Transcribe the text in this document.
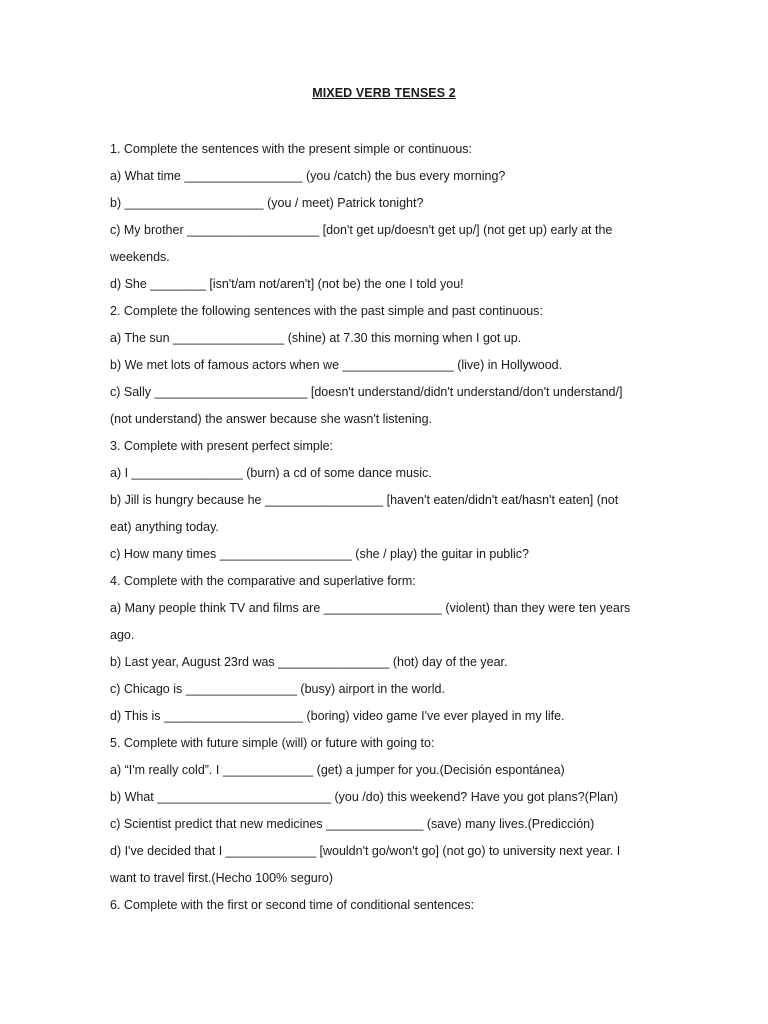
MIXED VERB TENSES 2

1. Complete the sentences with the present simple or continuous:

a) What time _________________ (you /catch) the bus every morning?

b) ____________________ (you / meet) Patrick tonight?

c) My brother ___________________ [don't get up/doesn't get up/] (not get up) early at the

weekends.

d) She ________ [isn't/am not/aren't] (not be) the one I told you!

2. Complete the following sentences with the past simple and past continuous:

a) The sun ________________ (shine) at 7.30 this morning when I got up.

b) We met lots of famous actors when we ________________ (live) in Hollywood.

c) Sally ______________________ [doesn't understand/didn't understand/don't understand/]

(not understand) the answer because she wasn't listening.

3. Complete with present perfect simple:

a) I ________________ (burn) a cd of some dance music.

b) Jill is hungry because he _________________ [haven't eaten/didn't eat/hasn't eaten] (not

eat) anything today.

c) How many times ___________________ (she / play) the guitar in public?

4. Complete with the comparative and superlative form:

a) Many people think TV and films are _________________ (violent) than they were ten years

ago.

b) Last year, August 23rd was ________________ (hot) day of the year.

c) Chicago is ________________ (busy) airport in the world.

d) This is ____________________ (boring) video game I've ever played in my life.

5. Complete with future simple (will) or future with going to:

a) “I'm really cold”. I _____________ (get) a jumper for you.(Decisión espontánea)

b) What _________________________ (you /do) this weekend? Have you got plans?(Plan)

c) Scientist predict that new medicines ______________ (save) many lives.(Predicción)

d) I've decided that I _____________ [wouldn't go/won't go] (not go) to university next year. I

want to travel first.(Hecho 100% seguro)

6. Complete with the first or second time of conditional sentences:
